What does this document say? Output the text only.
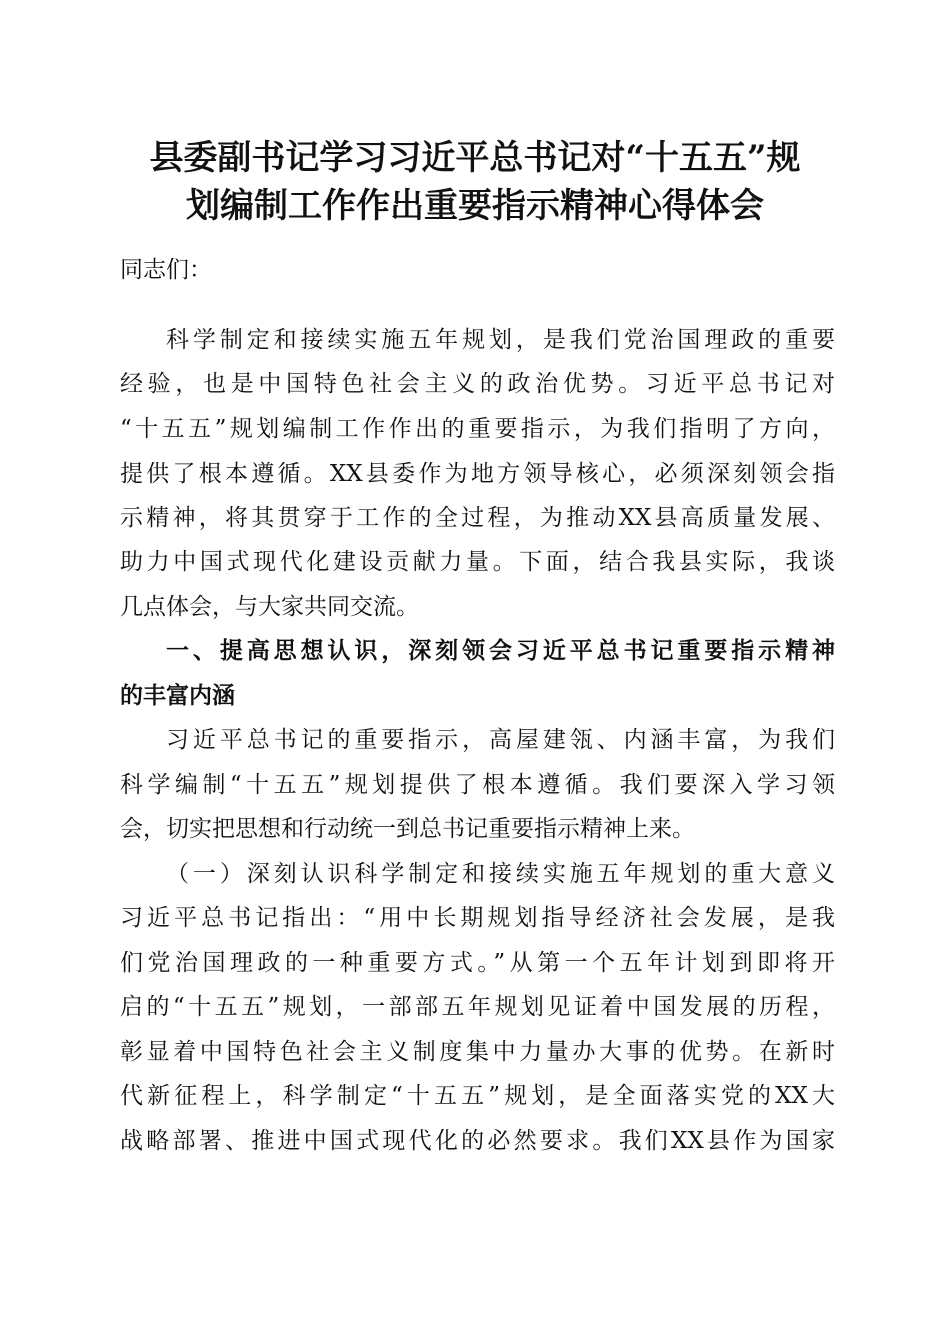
县委副书记学习习近平总书记对“十五五”规
划编制工作作出重要指示精神心得体会

同志们：

科学制定和接续实施五年规划，是我们党治国理政的重要

经验，也是中国特色社会主义的政治优势。习近平总书记对

“十五五”规划编制工作作出的重要指示，为我们指明了方向，

提供了根本遵循。XX县委作为地方领导核心，必须深刻领会指

示精神，将其贯穿于工作的全过程，为推动XX县高质量发展、

助力中国式现代化建设贡献力量。下面，结合我县实际，我谈

几点体会，与大家共同交流。

一、提高思想认识，深刻领会习近平总书记重要指示精神

的丰富内涵

习近平总书记的重要指示，高屋建瓴、内涵丰富，为我们

科学编制“十五五”规划提供了根本遵循。我们要深入学习领

会，切实把思想和行动统一到总书记重要指示精神上来。

（一）深刻认识科学制定和接续实施五年规划的重大意义

习近平总书记指出：“用中长期规划指导经济社会发展，是我

们党治国理政的一种重要方式。”从第一个五年计划到即将开

启的“十五五”规划，一部部五年规划见证着中国发展的历程，

彰显着中国特色社会主义制度集中力量办大事的优势。在新时

代新征程上，科学制定“十五五”规划，是全面落实党的XX大

战略部署、推进中国式现代化的必然要求。我们XX县作为国家
